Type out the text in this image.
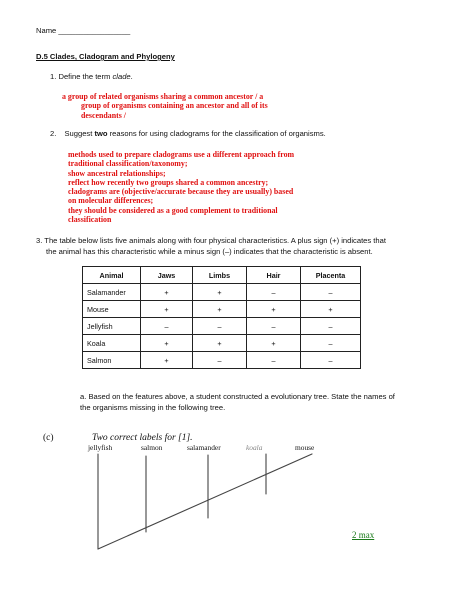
Name _________________
D.5 Clades, Cladogram and Phylogeny
1. Define the term clade.
a group of related organisms sharing a common ancestor / a
group of organisms containing an ancestor and all of its
descendants /
2. Suggest two reasons for using cladograms for the classification of organisms.
methods used to prepare cladograms use a different approach from
traditional classification/taxonomy;
show ancestral relationships;
reflect how recently two groups shared a common ancestry;
cladograms are (objective/accurate because they are usually) based
on molecular differences;
they should be considered as a good complement to traditional
classification
3. The table below lists five animals along with four physical characteristics. A plus sign (+) indicates that
the animal has this characteristic while a minus sign (–) indicates that the characteristic is absent.
Animal	Jaws	Limbs	Hair	Placenta
Salamander	+	+	–	–
Mouse	+	+	+	+
Jellyfish	–	–	–	–
Koala	+	+	+	–
Salmon	+	–	–	–
a. Based on the features above, a student constructed a evolutionary tree. State the names of
the organisms missing in the following tree.
(c)	Two correct labels for [1].
jellyfish	salmon	salamander	koala	mouse
2 max
